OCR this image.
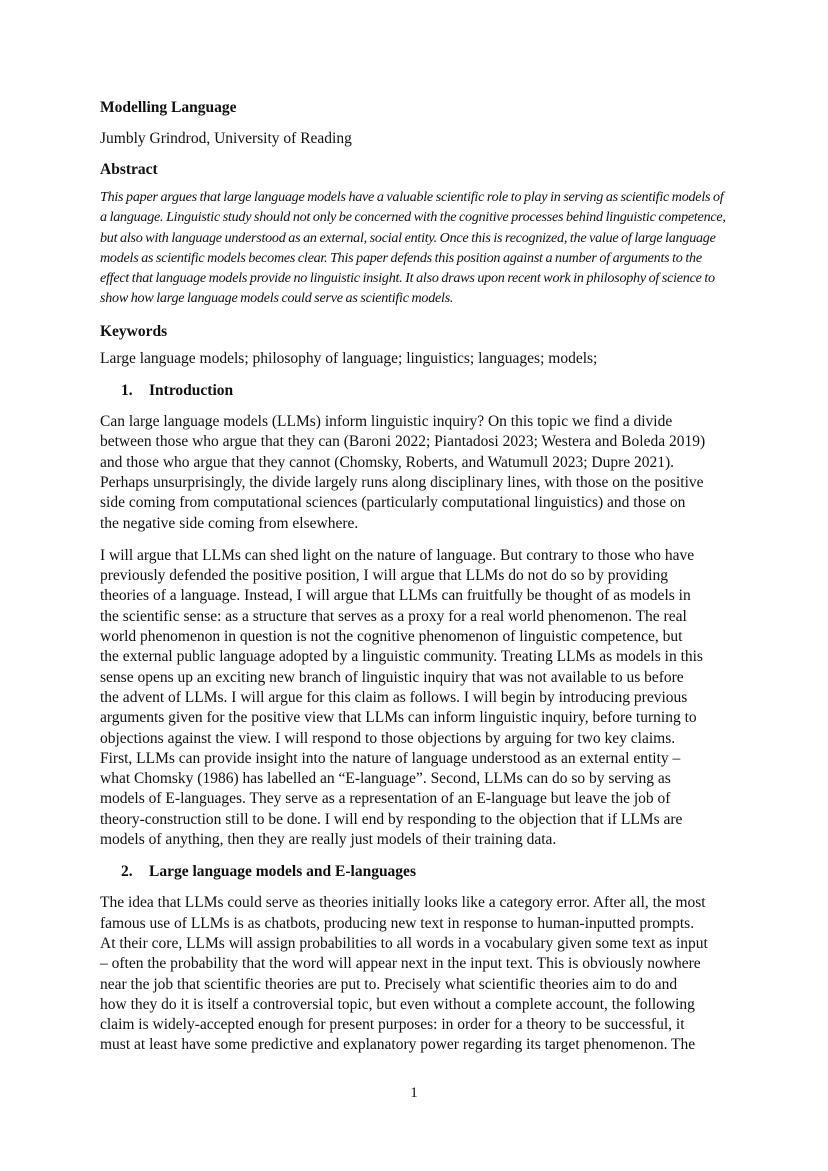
Modelling Language
Jumbly Grindrod, University of Reading
Abstract
This paper argues that large language models have a valuable scientific role to play in serving as scientific models of
a language. Linguistic study should not only be concerned with the cognitive processes behind linguistic competence,
but also with language understood as an external, social entity. Once this is recognized, the value of large language
models as scientific models becomes clear. This paper defends this position against a number of arguments to the
effect that language models provide no linguistic insight. It also draws upon recent work in philosophy of science to
show how large language models could serve as scientific models.
Keywords
Large language models; philosophy of language; linguistics; languages; models;
1. Introduction
Can large language models (LLMs) inform linguistic inquiry? On this topic we find a divide
between those who argue that they can (Baroni 2022; Piantadosi 2023; Westera and Boleda 2019)
and those who argue that they cannot (Chomsky, Roberts, and Watumull 2023; Dupre 2021).
Perhaps unsurprisingly, the divide largely runs along disciplinary lines, with those on the positive
side coming from computational sciences (particularly computational linguistics) and those on
the negative side coming from elsewhere.
I will argue that LLMs can shed light on the nature of language. But contrary to those who have
previously defended the positive position, I will argue that LLMs do not do so by providing
theories of a language. Instead, I will argue that LLMs can fruitfully be thought of as models in
the scientific sense: as a structure that serves as a proxy for a real world phenomenon. The real
world phenomenon in question is not the cognitive phenomenon of linguistic competence, but
the external public language adopted by a linguistic community. Treating LLMs as models in this
sense opens up an exciting new branch of linguistic inquiry that was not available to us before
the advent of LLMs. I will argue for this claim as follows. I will begin by introducing previous
arguments given for the positive view that LLMs can inform linguistic inquiry, before turning to
objections against the view. I will respond to those objections by arguing for two key claims.
First, LLMs can provide insight into the nature of language understood as an external entity –
what Chomsky (1986) has labelled an “E-language”. Second, LLMs can do so by serving as
models of E-languages. They serve as a representation of an E-language but leave the job of
theory-construction still to be done. I will end by responding to the objection that if LLMs are
models of anything, then they are really just models of their training data.
2. Large language models and E-languages
The idea that LLMs could serve as theories initially looks like a category error. After all, the most
famous use of LLMs is as chatbots, producing new text in response to human-inputted prompts.
At their core, LLMs will assign probabilities to all words in a vocabulary given some text as input
– often the probability that the word will appear next in the input text. This is obviously nowhere
near the job that scientific theories are put to. Precisely what scientific theories aim to do and
how they do it is itself a controversial topic, but even without a complete account, the following
claim is widely-accepted enough for present purposes: in order for a theory to be successful, it
must at least have some predictive and explanatory power regarding its target phenomenon. The
1
